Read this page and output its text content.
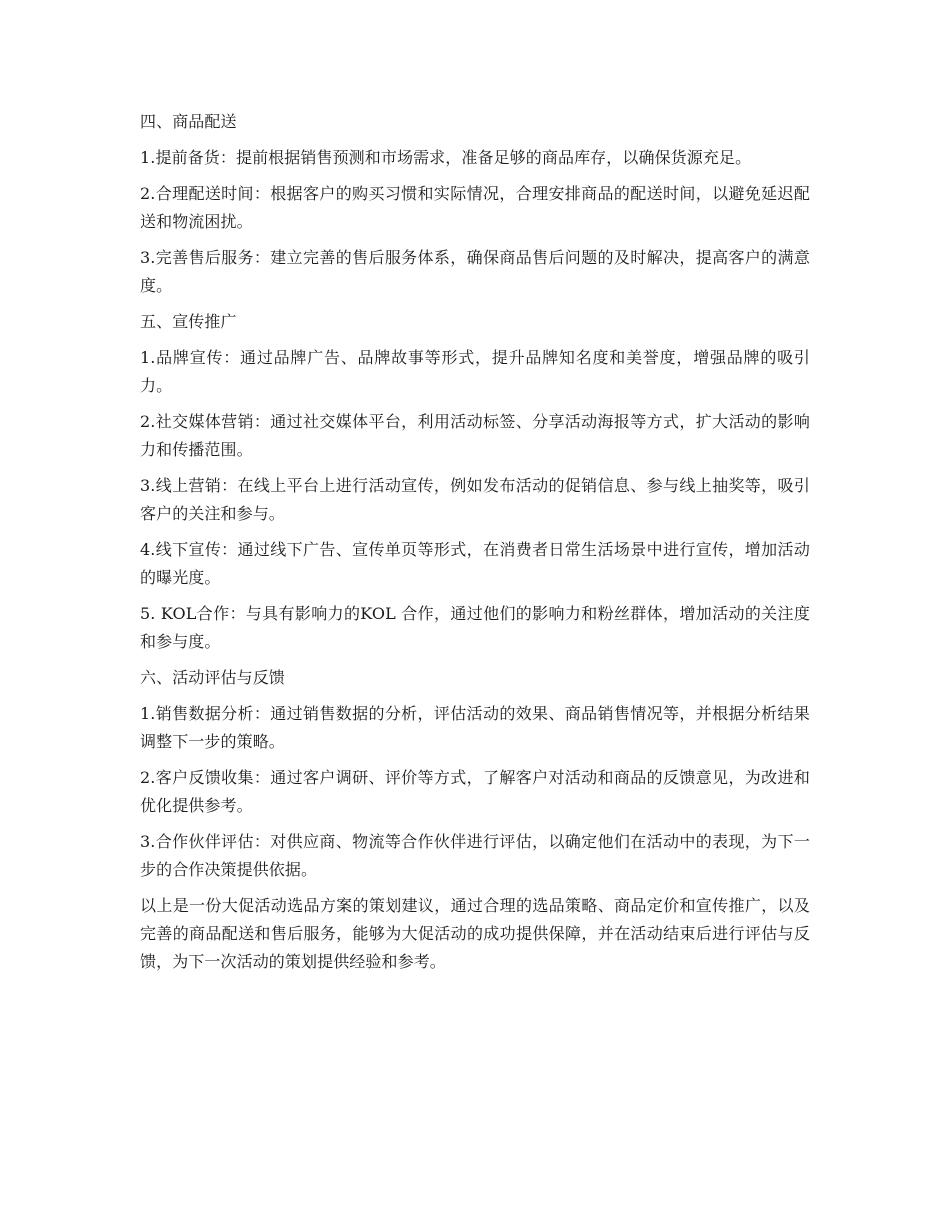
四、商品配送

1.提前备货：提前根据销售预测和市场需求，准备足够的商品库存，以确保货源充足。

2.合理配送时间：根据客户的购买习惯和实际情况，合理安排商品的配送时间，以避免延迟配送和物流困扰。

3.完善售后服务：建立完善的售后服务体系，确保商品售后问题的及时解决，提高客户的满意度。

五、宣传推广

1.品牌宣传：通过品牌广告、品牌故事等形式，提升品牌知名度和美誉度，增强品牌的吸引力。

2.社交媒体营销：通过社交媒体平台，利用活动标签、分享活动海报等方式，扩大活动的影响力和传播范围。

3.线上营销：在线上平台上进行活动宣传，例如发布活动的促销信息、参与线上抽奖等，吸引客户的关注和参与。

4.线下宣传：通过线下广告、宣传单页等形式，在消费者日常生活场景中进行宣传，增加活动的曝光度。

5. KOL合作：与具有影响力的KOL 合作，通过他们的影响力和粉丝群体，增加活动的关注度和参与度。

六、活动评估与反馈

1.销售数据分析：通过销售数据的分析，评估活动的效果、商品销售情况等，并根据分析结果调整下一步的策略。

2.客户反馈收集：通过客户调研、评价等方式，了解客户对活动和商品的反馈意见，为改进和优化提供参考。

3.合作伙伴评估：对供应商、物流等合作伙伴进行评估，以确定他们在活动中的表现，为下一步的合作决策提供依据。

以上是一份大促活动选品方案的策划建议，通过合理的选品策略、商品定价和宣传推广，以及完善的商品配送和售后服务，能够为大促活动的成功提供保障，并在活动结束后进行评估与反馈，为下一次活动的策划提供经验和参考。
